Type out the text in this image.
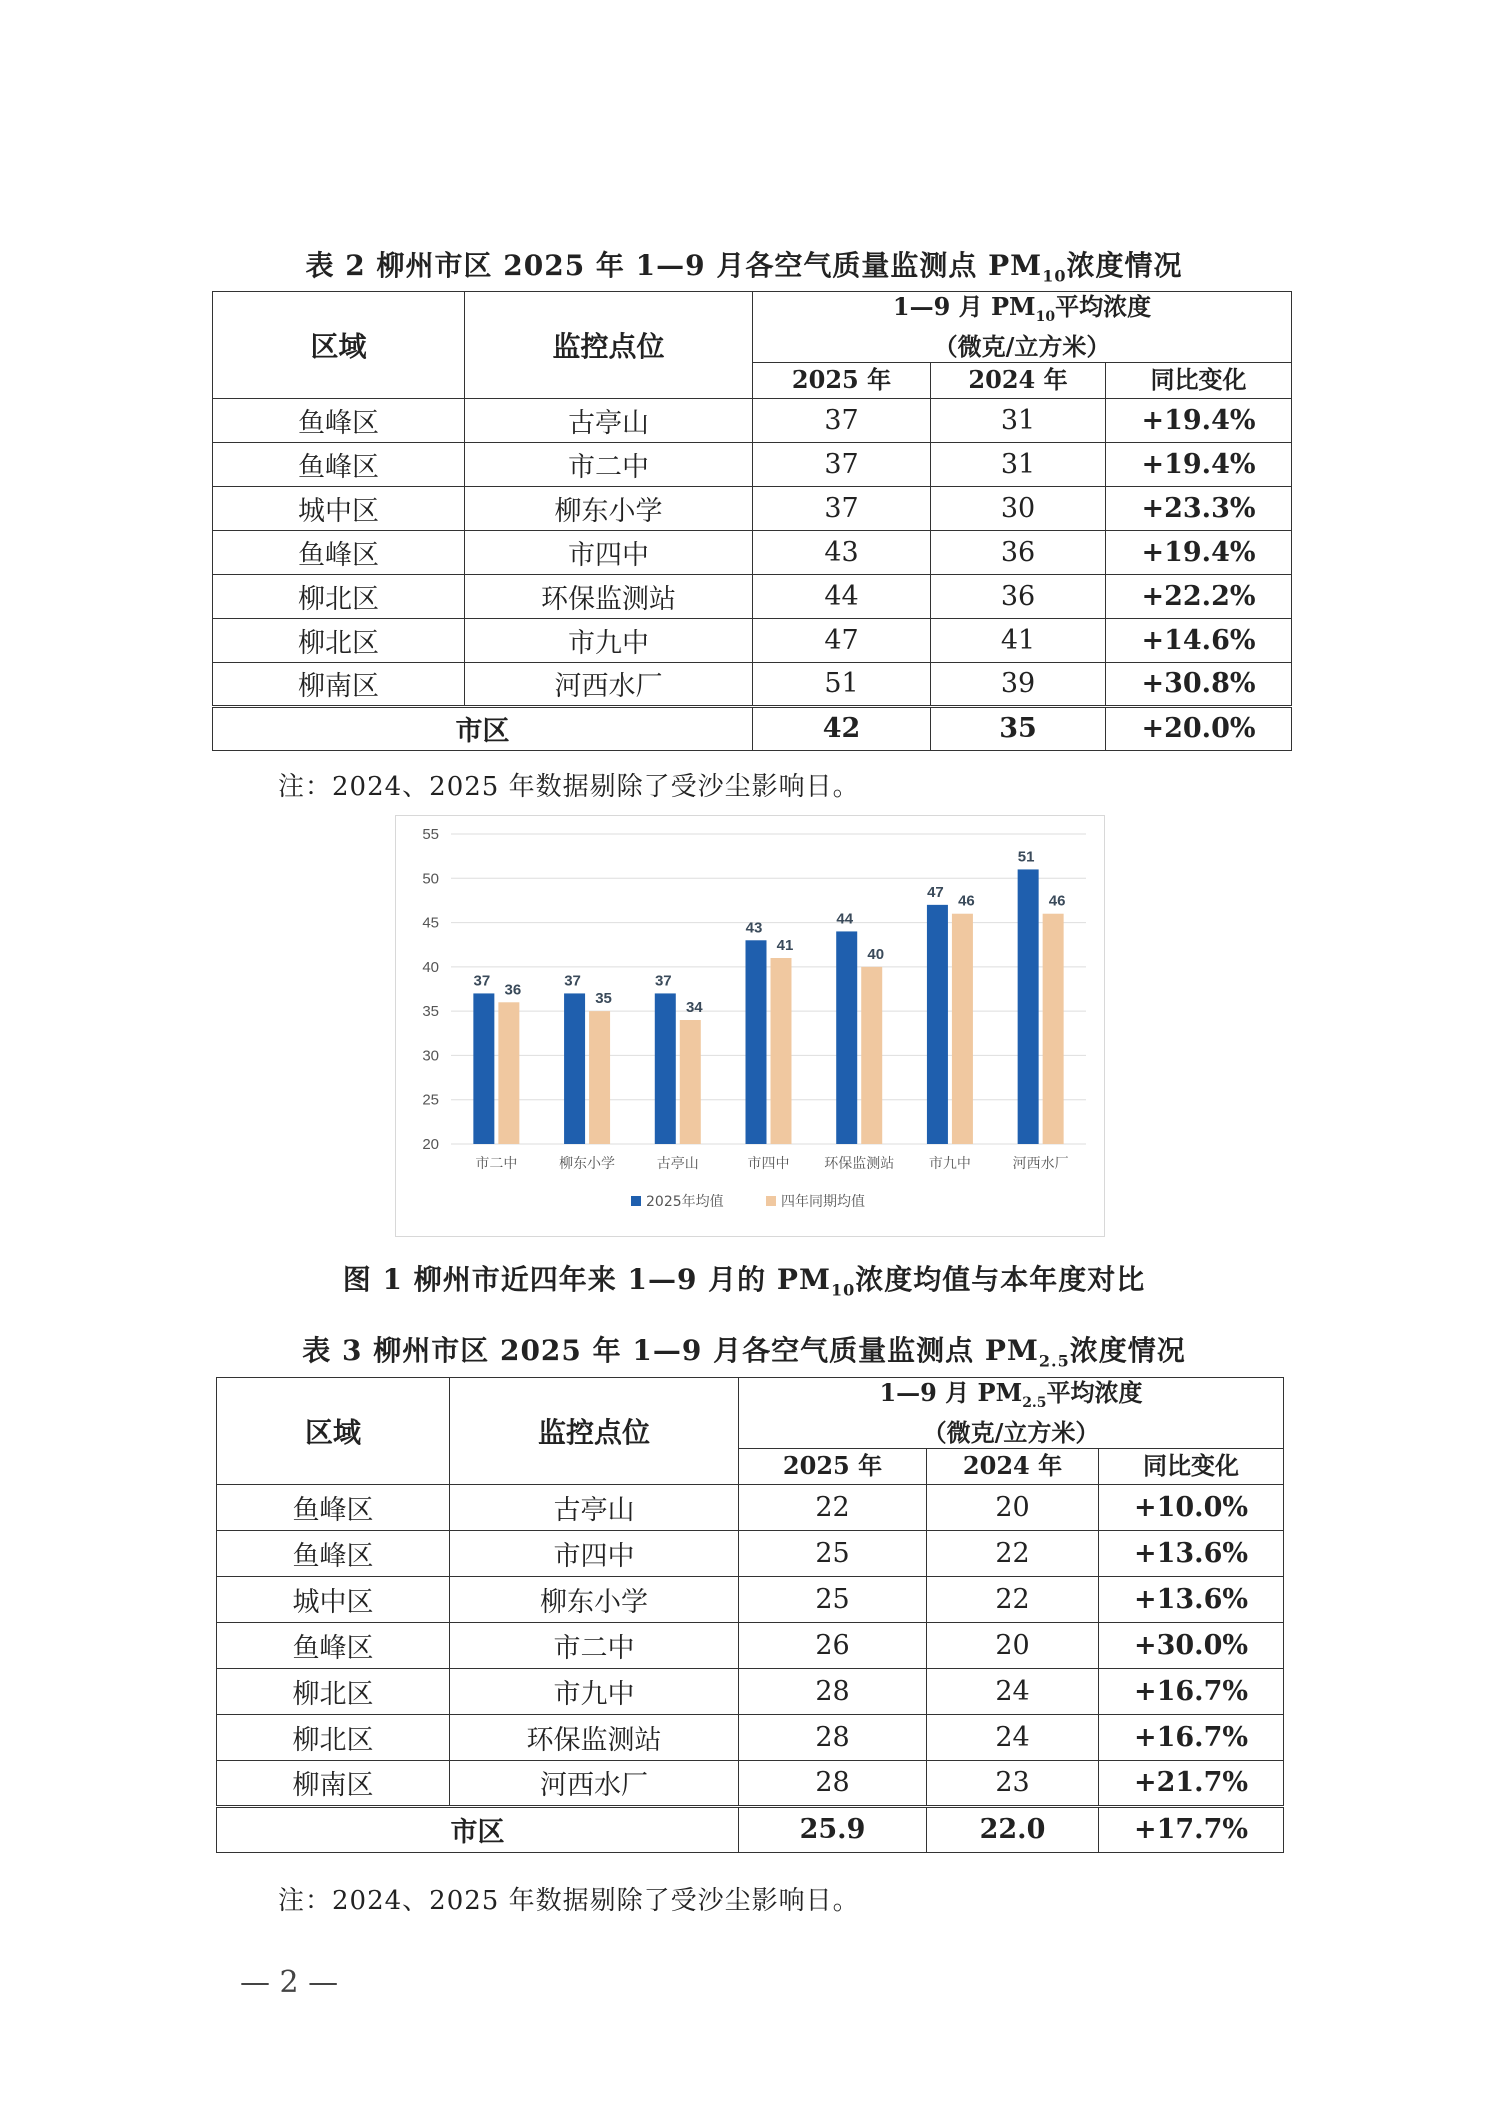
表 2 柳州市区 2025 年 1—9 月各空气质量监测点 $PM_{10}$浓度情况
区域	监控点位	1—9 月 $PM_{10}$平均浓度
（微克/立方米）		

		2025 年	2024 年	同比变化
鱼峰区	古亭山	37	31	+19.4%
鱼峰区	市二中	37	31	+19.4%
城中区	柳东小学	37	30	+23.3%
鱼峰区	市四中	43	36	+19.4%
柳北区	环保监测站	44	36	+22.2%
柳北区	市九中	47	41	+14.6%
柳南区	河西水厂	51	39	+30.8%
市区		42	35	+20.0%
注：2024、2025 年数据剔除了受沙尘影响日。
20
25
30
35
40
45
50
55
37
36
市二中
37
35
柳东小学
37
34
古亭山
43
41
市四中
44
40
环保监测站
47
46
市九中
51
46
河西水厂
2025年均值	四年同期均值
图 1 柳州市近四年来 1—9 月的 $PM_{10}$浓度均值与本年度对比
表 3 柳州市区 2025 年 1—9 月各空气质量监测点 $PM_{2.5}$浓度情况
区域	监控点位	1—9 月 $PM_{2.5}$平均浓度
（微克/立方米）		

		2025 年	2024 年	同比变化
鱼峰区	古亭山	22	20	+10.0%
鱼峰区	市四中	25	22	+13.6%
城中区	柳东小学	25	22	+13.6%
鱼峰区	市二中	26	20	+30.0%
柳北区	市九中	28	24	+16.7%
柳北区	环保监测站	28	24	+16.7%
柳南区	河西水厂	28	23	+21.7%
市区		25.9	22.0	+17.7%
注：2024、2025 年数据剔除了受沙尘影响日。
— 2 —
